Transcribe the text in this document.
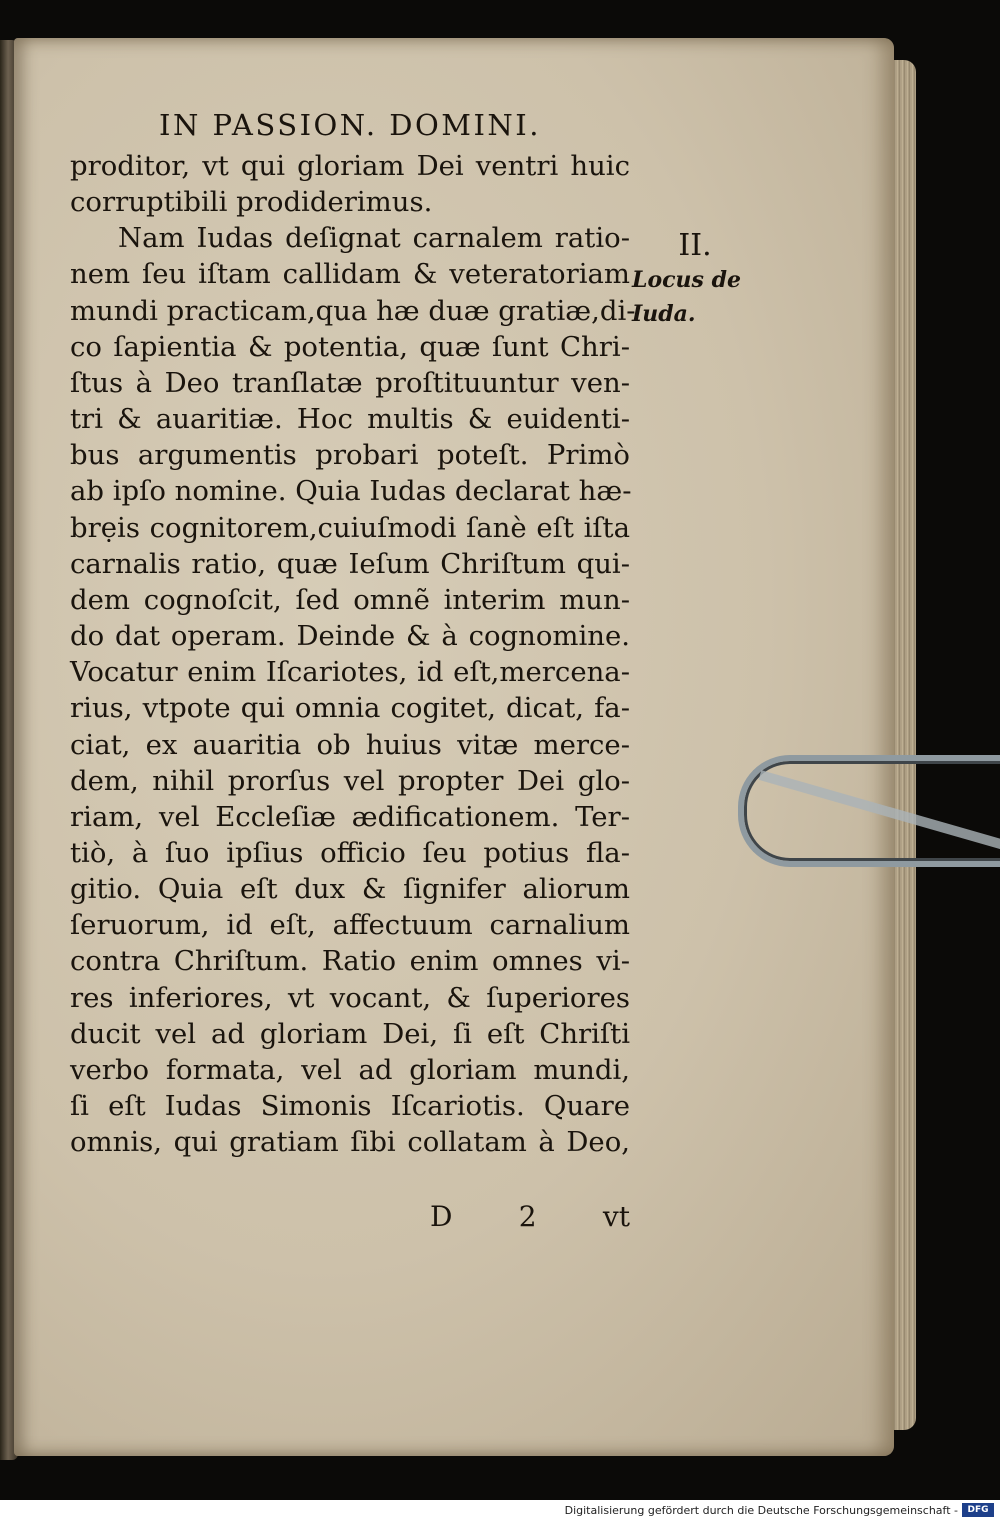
IN PASSION. DOMINI.
proditor, vt qui gloriam Dei ventri huic
corruptibili prodiderimus.
Nam Iudas deſignat carnalem ratio-
nem ſeu iſtam callidam & veteratoriam
mundi practicam,qua hæ duæ gratiæ,di-
co ſapientia & potentia, quæ ſunt Chri-
ſtus à Deo tranſlatæ proſtituuntur ven-
tri & auaritiæ. Hoc multis & euidenti-
bus argumentis probari poteſt. Primò
ab ipſo nomine. Quia Iudas declarat hæ-
brẹis cognitorem,cuiuſmodi ſanè eſt iſta
carnalis ratio, quæ Ieſum Chriſtum qui-
dem cognoſcit, ſed omnẽ interim mun-
do dat operam. Deinde & à cognomine.
Vocatur enim Iſcariotes, id eſt,mercena-
rius, vtpote qui omnia cogitet, dicat, fa-
ciat, ex auaritia ob huius vitæ merce-
dem, nihil prorſus vel propter Dei glo-
riam, vel Eccleſiæ ædificationem. Ter-
tiò, à ſuo ipſius officio ſeu potius fla-
gitio. Quia eſt dux & ſignifer aliorum
ſeruorum, id eſt, affectuum carnalium
contra Chriſtum. Ratio enim omnes vi-
res inferiores, vt vocant, & ſuperiores
ducit vel ad gloriam Dei, ſi eſt Chriſti
verbo formata, vel ad gloriam mundi,
ſi eſt Iudas Simonis Iſcariotis. Quare
omnis, qui gratiam ſibi collatam à Deo,
D 2 vt
II.
Locus de
Iuda.
Digitalisierung gefördert durch die Deutsche Forschungsgemeinschaft -	DFG
